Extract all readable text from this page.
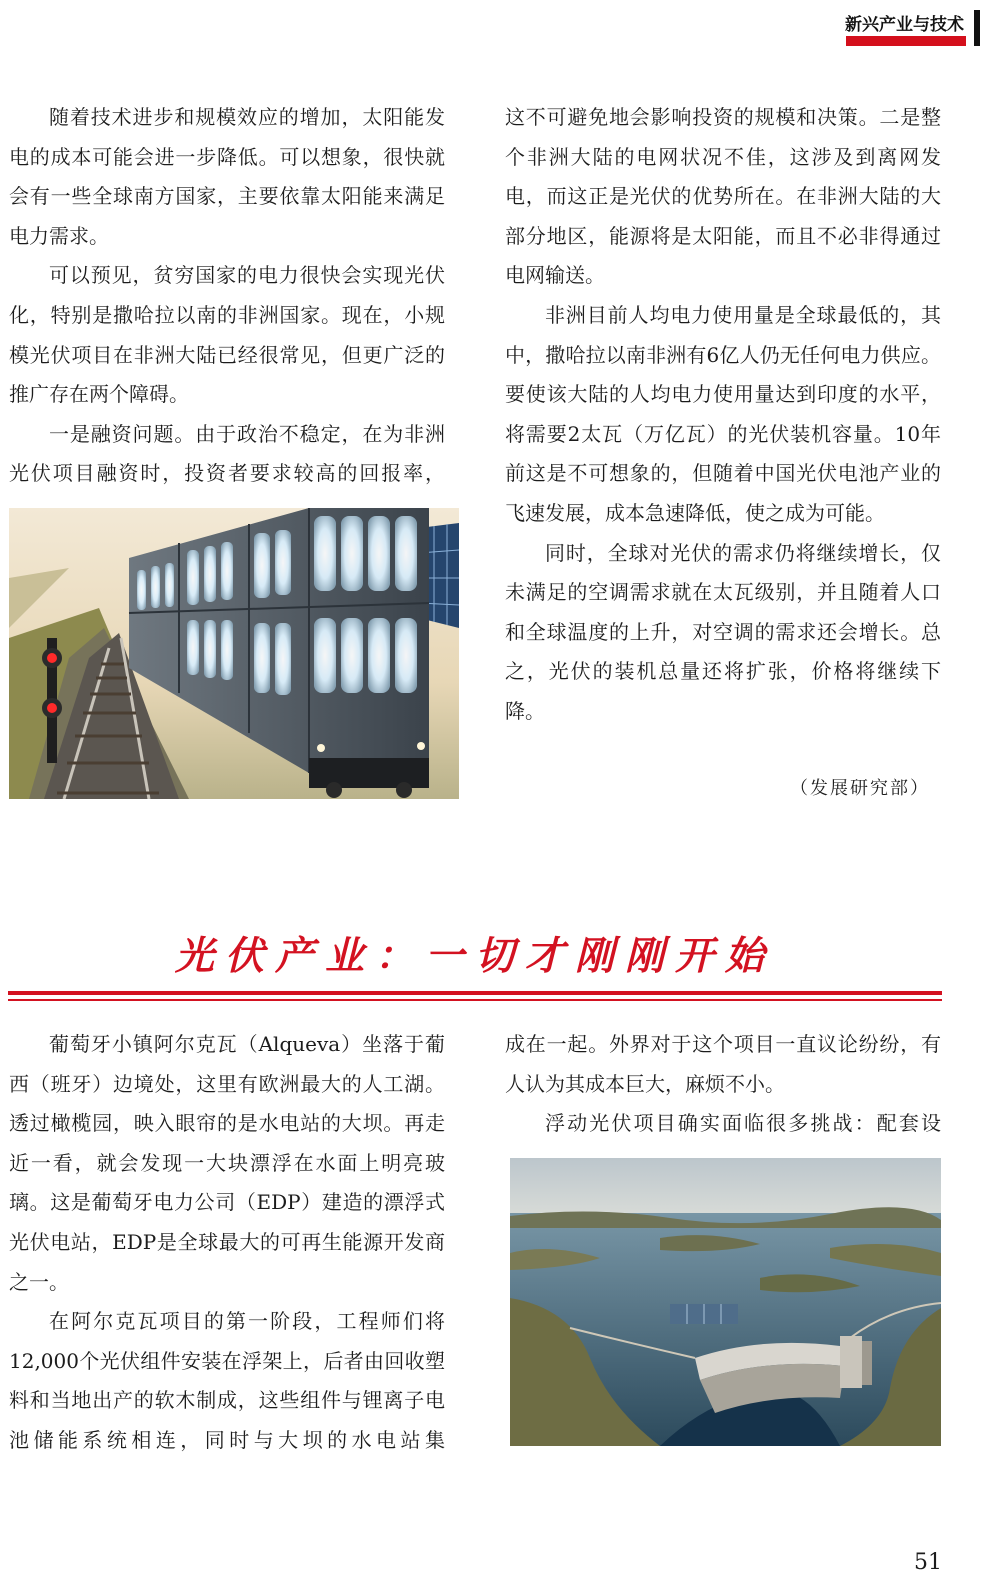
新兴产业与技术

随着技术进步和规模效应的增加，太阳能发电的成本可能会进一步降低。可以想象，很快就会有一些全球南方国家，主要依靠太阳能来满足电力需求。

可以预见，贫穷国家的电力很快会实现光伏化，特别是撒哈拉以南的非洲国家。现在，小规模光伏项目在非洲大陆已经很常见，但更广泛的推广存在两个障碍。

一是融资问题。由于政治不稳定，在为非洲光伏项目融资时，投资者要求较高的回报率，

这不可避免地会影响投资的规模和决策。二是整个非洲大陆的电网状况不佳，这涉及到离网发电，而这正是光伏的优势所在。在非洲大陆的大部分地区，能源将是太阳能，而且不必非得通过电网输送。

非洲目前人均电力使用量是全球最低的，其中，撒哈拉以南非洲有6亿人仍无任何电力供应。要使该大陆的人均电力使用量达到印度的水平，将需要2太瓦（万亿瓦）的光伏装机容量。10年前这是不可想象的，但随着中国光伏电池产业的飞速发展，成本急速降低，使之成为可能。

同时，全球对光伏的需求仍将继续增长，仅未满足的空调需求就在太瓦级别，并且随着人口和全球温度的上升，对空调的需求还会增长。总之，光伏的装机总量还将扩张，价格将继续下降。

（发展研究部）
光伏产业：一切才刚刚开始

葡萄牙小镇阿尔克瓦（Alqueva）坐落于葡西（班牙）边境处，这里有欧洲最大的人工湖。透过橄榄园，映入眼帘的是水电站的大坝。再走近一看，就会发现一大块漂浮在水面上明亮玻璃。这是葡萄牙电力公司（EDP）建造的漂浮式光伏电站，EDP是全球最大的可再生能源开发商之一。

在阿尔克瓦项目的第一阶段，工程师们将12,000个光伏组件安装在浮架上，后者由回收塑料和当地出产的软木制成，这些组件与锂离子电池储能系统相连，同时与大坝的水电站集

成在一起。外界对于这个项目一直议论纷纷，有人认为其成本巨大，麻烦不小。

浮动光伏项目确实面临很多挑战：配套设

51
